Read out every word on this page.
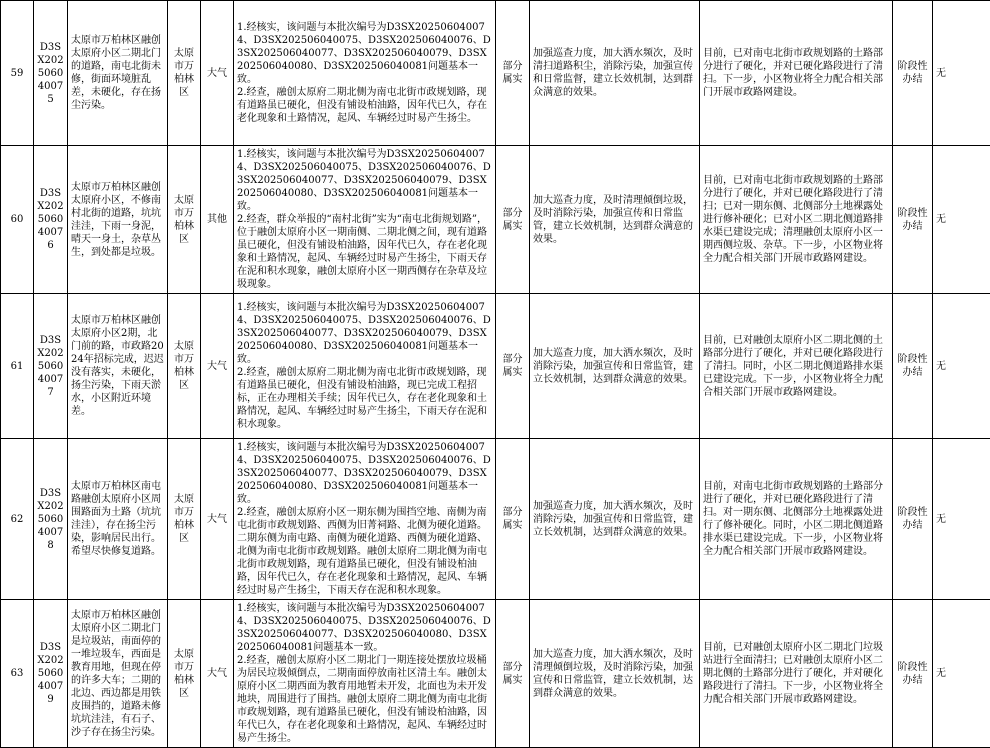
59	D3SX202506040075	太原市万柏林区融创太原府小区二期北门的道路，南屯北街未修，街面环境脏乱差，未硬化，存在扬尘污染。	太原市万柏林区	大气	1.经核实，该问题与本批次编号为D3SX202506040074、D3SX202506040075、D3SX202506040076、D3SX202506040077、D3SX202506040079、D3SX202506040080、D3SX202506040081问题基本一致。
2.经查，融创太原府二期北侧为南屯北街市政规划路，现有道路虽已硬化，但没有铺设柏油路，因年代已久，存在老化现象和土路情况，起风、车辆经过时易产生扬尘。	部分属实	加强巡查力度，加大洒水频次，及时清扫道路积尘，消除污染，加强宣传和日常监督，建立长效机制，达到群众满意的效果。	目前，已对南屯北街市政规划路的土路部分进行了硬化，并对已硬化路段进行了清扫。下一步，小区物业将全力配合相关部门开展市政路网建设。	阶段性办结	无
60	D3SX202506040076	太原市万柏林区融创太原府小区，不修南村北街的道路，坑坑洼洼，下雨一身泥，晴天一身土，杂草丛生，到处都是垃圾。	太原市万柏林区	其他	1.经核实，该问题与本批次编号为D3SX202506040074、D3SX202506040075、D3SX202506040076、D3SX202506040077、D3SX202506040079、D3SX202506040080、D3SX202506040081问题基本一致。
2.经查，群众举报的“南村北街”实为“南屯北街规划路”，位于融创太原府小区一期南侧、二期北侧之间，现有道路虽已硬化，但没有铺设柏油路，因年代已久，存在老化现象和土路情况，起风、车辆经过时易产生扬尘，下雨天存在泥和积水现象，融创太原府小区一期西侧存在杂草及垃圾现象。	部分属实	加大巡查力度，及时清理倾倒垃圾，及时消除污染，加强宣传和日常监管，建立长效机制，达到群众满意的效果。	目前，已对南屯北街市政规划路的土路部分进行了硬化，并对已硬化路段进行了清扫；已对一期东侧、北侧部分土地裸露处进行修补硬化；已对小区二期北侧道路排水渠已建设完成；清理融创太原府小区一期西侧垃圾、杂草。下一步，小区物业将全力配合相关部门开展市政路网建设。	阶段性办结	无
61	D3SX202506040077	太原市万柏林区融创太原府小区2期，北门前的路，市政路2024年招标完成，迟迟没有落实，未硬化，扬尘污染，下雨天淤水，小区附近环境差。	太原市万柏林区	大气	1.经核实，该问题与本批次编号为D3SX202506040074、D3SX202506040075、D3SX202506040076、D3SX202506040077、D3SX202506040079、D3SX202506040080、D3SX202506040081问题基本一致。
2.经查，融创太原府二期北侧为南屯北街市政规划路，现有道路虽已硬化，但没有铺设柏油路，现已完成工程招标，正在办理相关手续；因年代已久，存在老化现象和土路情况，起风、车辆经过时易产生扬尘，下雨天存在泥和积水现象。	部分属实	加大巡查力度，加大洒水频次，及时消除污染，加强宣传和日常监管，建立长效机制，达到群众满意的效果。	目前，已对融创太原府小区二期北侧的土路部分进行了硬化，并对已硬化路段进行了清扫。同时，小区二期北侧道路排水渠已建设完成。下一步，小区物业将全力配合相关部门开展市政路网建设。	阶段性办结	无
62	D3SX202506040078	太原市万柏林区南屯路融创太原府小区周围路面为土路（坑坑洼洼），存在扬尘污染，影响居民出行。希望尽快修复道路。	太原市万柏林区	大气	1.经核实，该问题与本批次编号为D3SX202506040074、D3SX202506040075、D3SX202506040076、D3SX202506040077、D3SX202506040079、D3SX202506040080、D3SX202506040081问题基本一致。
2.经查，融创太原府小区一期东侧为围挡空地、南侧为南屯北街市政规划路、西侧为旧菁祠路、北侧为硬化道路。二期东侧为南屯路、南侧为硬化道路、西侧为硬化道路、北侧为南屯北街市政规划路。融创太原府二期北侧为南屯北街市政规划路，现有道路虽已硬化，但没有铺设柏油路，因年代已久，存在老化现象和土路情况，起风、车辆经过时易产生扬尘，下雨天存在泥和积水现象。	部分属实	加强巡查力度，加大洒水频次，及时消除污染，加强宣传和日常监管，建立长效机制，达到群众满意的效果。	目前，对南屯北街市政规划路的土路部分进行了硬化，并对已硬化路段进行了清扫。对一期东侧、北侧部分土地裸露处进行了修补硬化。同时，小区二期北侧道路排水渠已建设完成。下一步，小区物业将全力配合相关部门开展市政路网建设。	阶段性办结	无
63	D3SX202506040079	太原市万柏林区融创太原府小区二期北门是垃圾站，南面停的一堆垃圾车，西面是教育用地，但现在停的许多大车；二期的北边、西边都是用铁皮围挡的，道路未修坑坑洼洼，有石子、沙子存在扬尘污染。	太原市万柏林区	大气	1.经核实，该问题与本批次编号为D3SX202506040074、D3SX202506040075、D3SX202506040076、D3SX202506040077、D3SX202506040080、D3SX202506040081问题基本一致。
2.经查，融创太原府小区二期北门一期连接处摆放垃圾桶为居民垃圾倾倒点，二期南面停放南社区清土车。融创太原府小区二期西面为教育用地暂未开发，北面也为未开发地块，周围进行了围挡。融创太原府二期北侧为南屯北街市政规划路，现有道路虽已硬化，但没有铺设柏油路，因年代已久，存在老化现象和土路情况，起风、车辆经过时易产生扬尘。	部分属实	加大巡查力度，加大洒水频次，及时清理倾倒垃圾，及时消除污染，加强宣传和日常监管，建立长效机制，达到群众满意的效果。	目前，已对融创太原府小区二期北门垃圾站进行全面清扫；已对融创太原府小区二期北侧的土路部分进行了硬化，并对硬化路段进行了清扫。下一步，小区物业将全力配合相关部门开展市政路网建设。	阶段性办结	无
